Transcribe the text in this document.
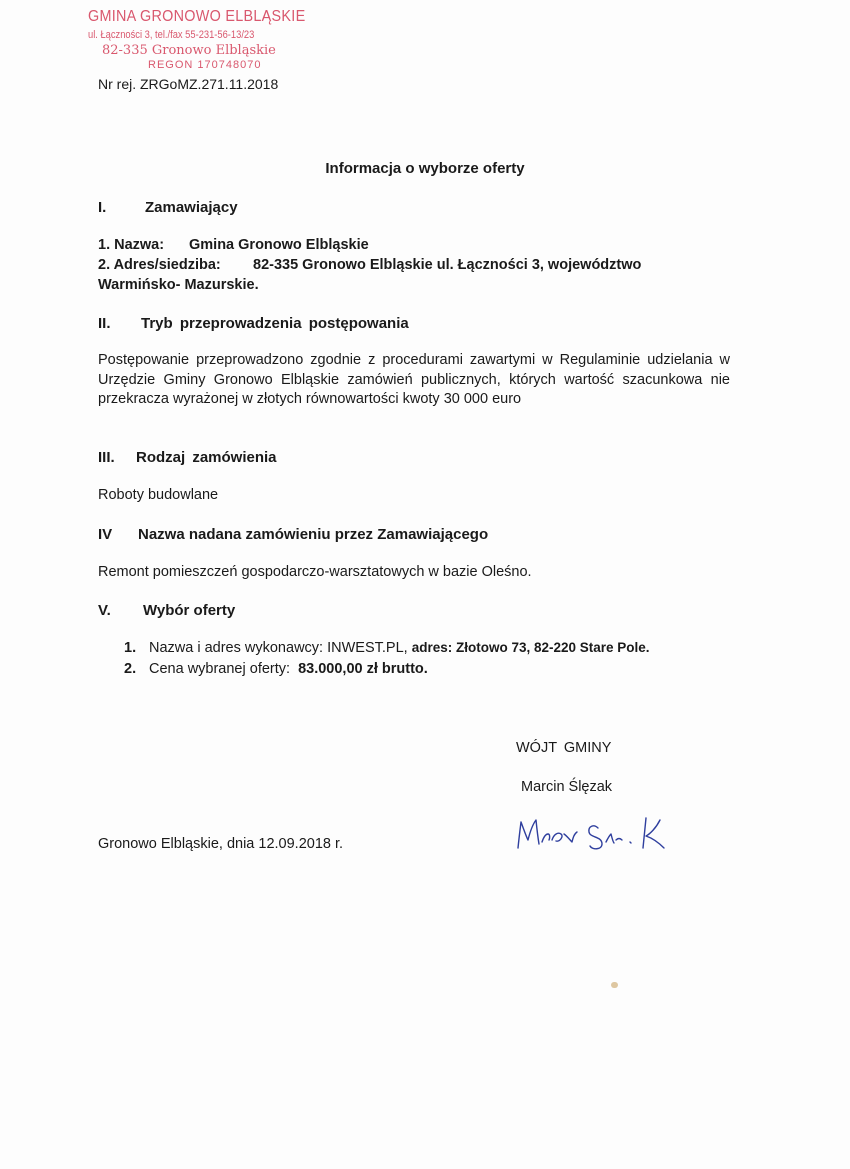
GMINA GRONOWO ELBLĄSKIE
ul. Łączności 3, tel./fax 55-231-56-13/23
82-335 Gronowo Elbląskie
REGON 170748070
Nr rej. ZRGoMZ.271.11.2018
Informacja o wyborze oferty
I.	Zamawiający
1. Nazwa: Gmina Gronowo Elbląskie
2. Adres/siedziba: 82-335 Gronowo Elbląskie ul. Łączności 3, województwo
Warmińsko- Mazurskie.
II. Tryb przeprowadzenia postępowania
Postępowanie przeprowadzono zgodnie z procedurami zawartymi w Regulaminie udzielania w Urzędzie Gminy Gronowo Elbląskie zamówień publicznych, których wartość szacunkowa nie przekracza wyrażonej w złotych równowartości kwoty 30 000 euro
III. Rodzaj zamówienia
Roboty budowlane
IV Nazwa nadana zamówieniu przez Zamawiającego
Remont pomieszczeń gospodarczo-warsztatowych w bazie Oleśno.
V. Wybór oferty
1. Nazwa i adres wykonawcy: INWEST.PL, adres: Złotowo 73, 82-220 Stare Pole.
2. Cena wybranej oferty: 83.000,00 zł brutto.
WÓJT GMINY
Marcin Ślęzak
Gronowo Elbląskie, dnia 12.09.2018 r.
